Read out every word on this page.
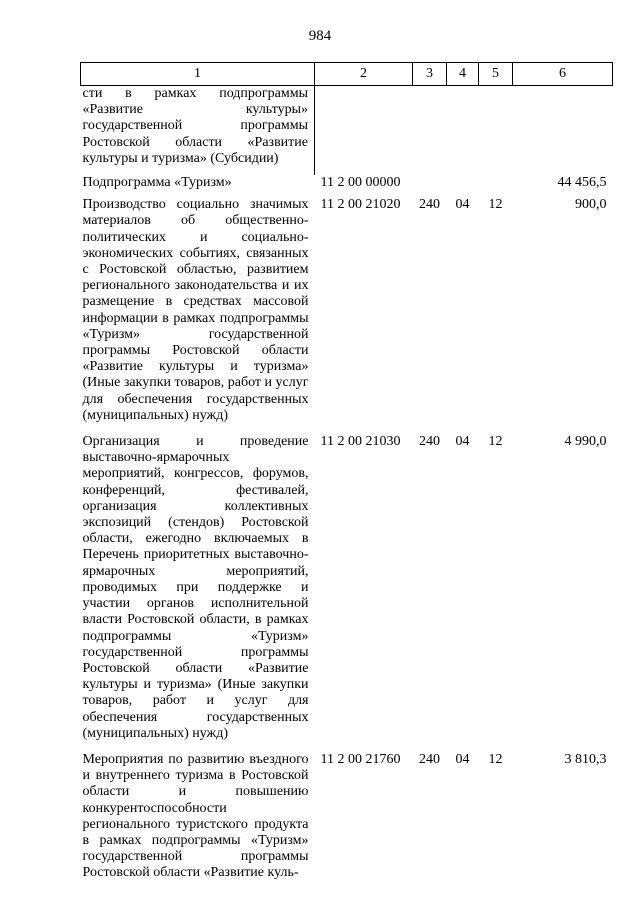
984
1	2	3	4	5	6
сти в рамках подпрограммы «Развитие культуры» государственной программы Ростовской области «Развитие культуры и туризма» (Субсидии)					
Подпрограмма «Туризм»	11 2 00 00000				44 456,5
Производство социально значимых материалов об общественно-политических и социально-экономических событиях, связанных с Ростовской областью, развитием регионального законодательства и их размещение в средствах массовой информации в рамках подпрограммы «Туризм» государственной программы Ростовской области «Развитие культуры и туризма» (Иные закупки товаров, работ и услуг для обеспечения государственных (муниципальных) нужд)	11 2 00 21020	240	04	12	900,0
Организация и проведение выставочно-ярмарочных мероприятий, конгрессов, форумов, конференций, фестивалей, организация коллективных экспозиций (стендов) Ростовской области, ежегодно включаемых в Перечень приоритетных выставочно-ярмарочных мероприятий, проводимых при поддержке и участии органов исполнительной власти Ростовской области, в рамках подпрограммы «Туризм» государственной программы Ростовской области «Развитие культуры и туризма» (Иные закупки товаров, работ и услуг для обеспечения государственных (муниципальных) нужд)	11 2 00 21030	240	04	12	4 990,0
Мероприятия по развитию въездного и внутреннего туризма в Ростовской области и повышению конкурентоспособности регионального туристского продукта в рамках подпрограммы «Туризм» государственной программы Ростовской области «Развитие куль-	11 2 00 21760	240	04	12	3 810,3
